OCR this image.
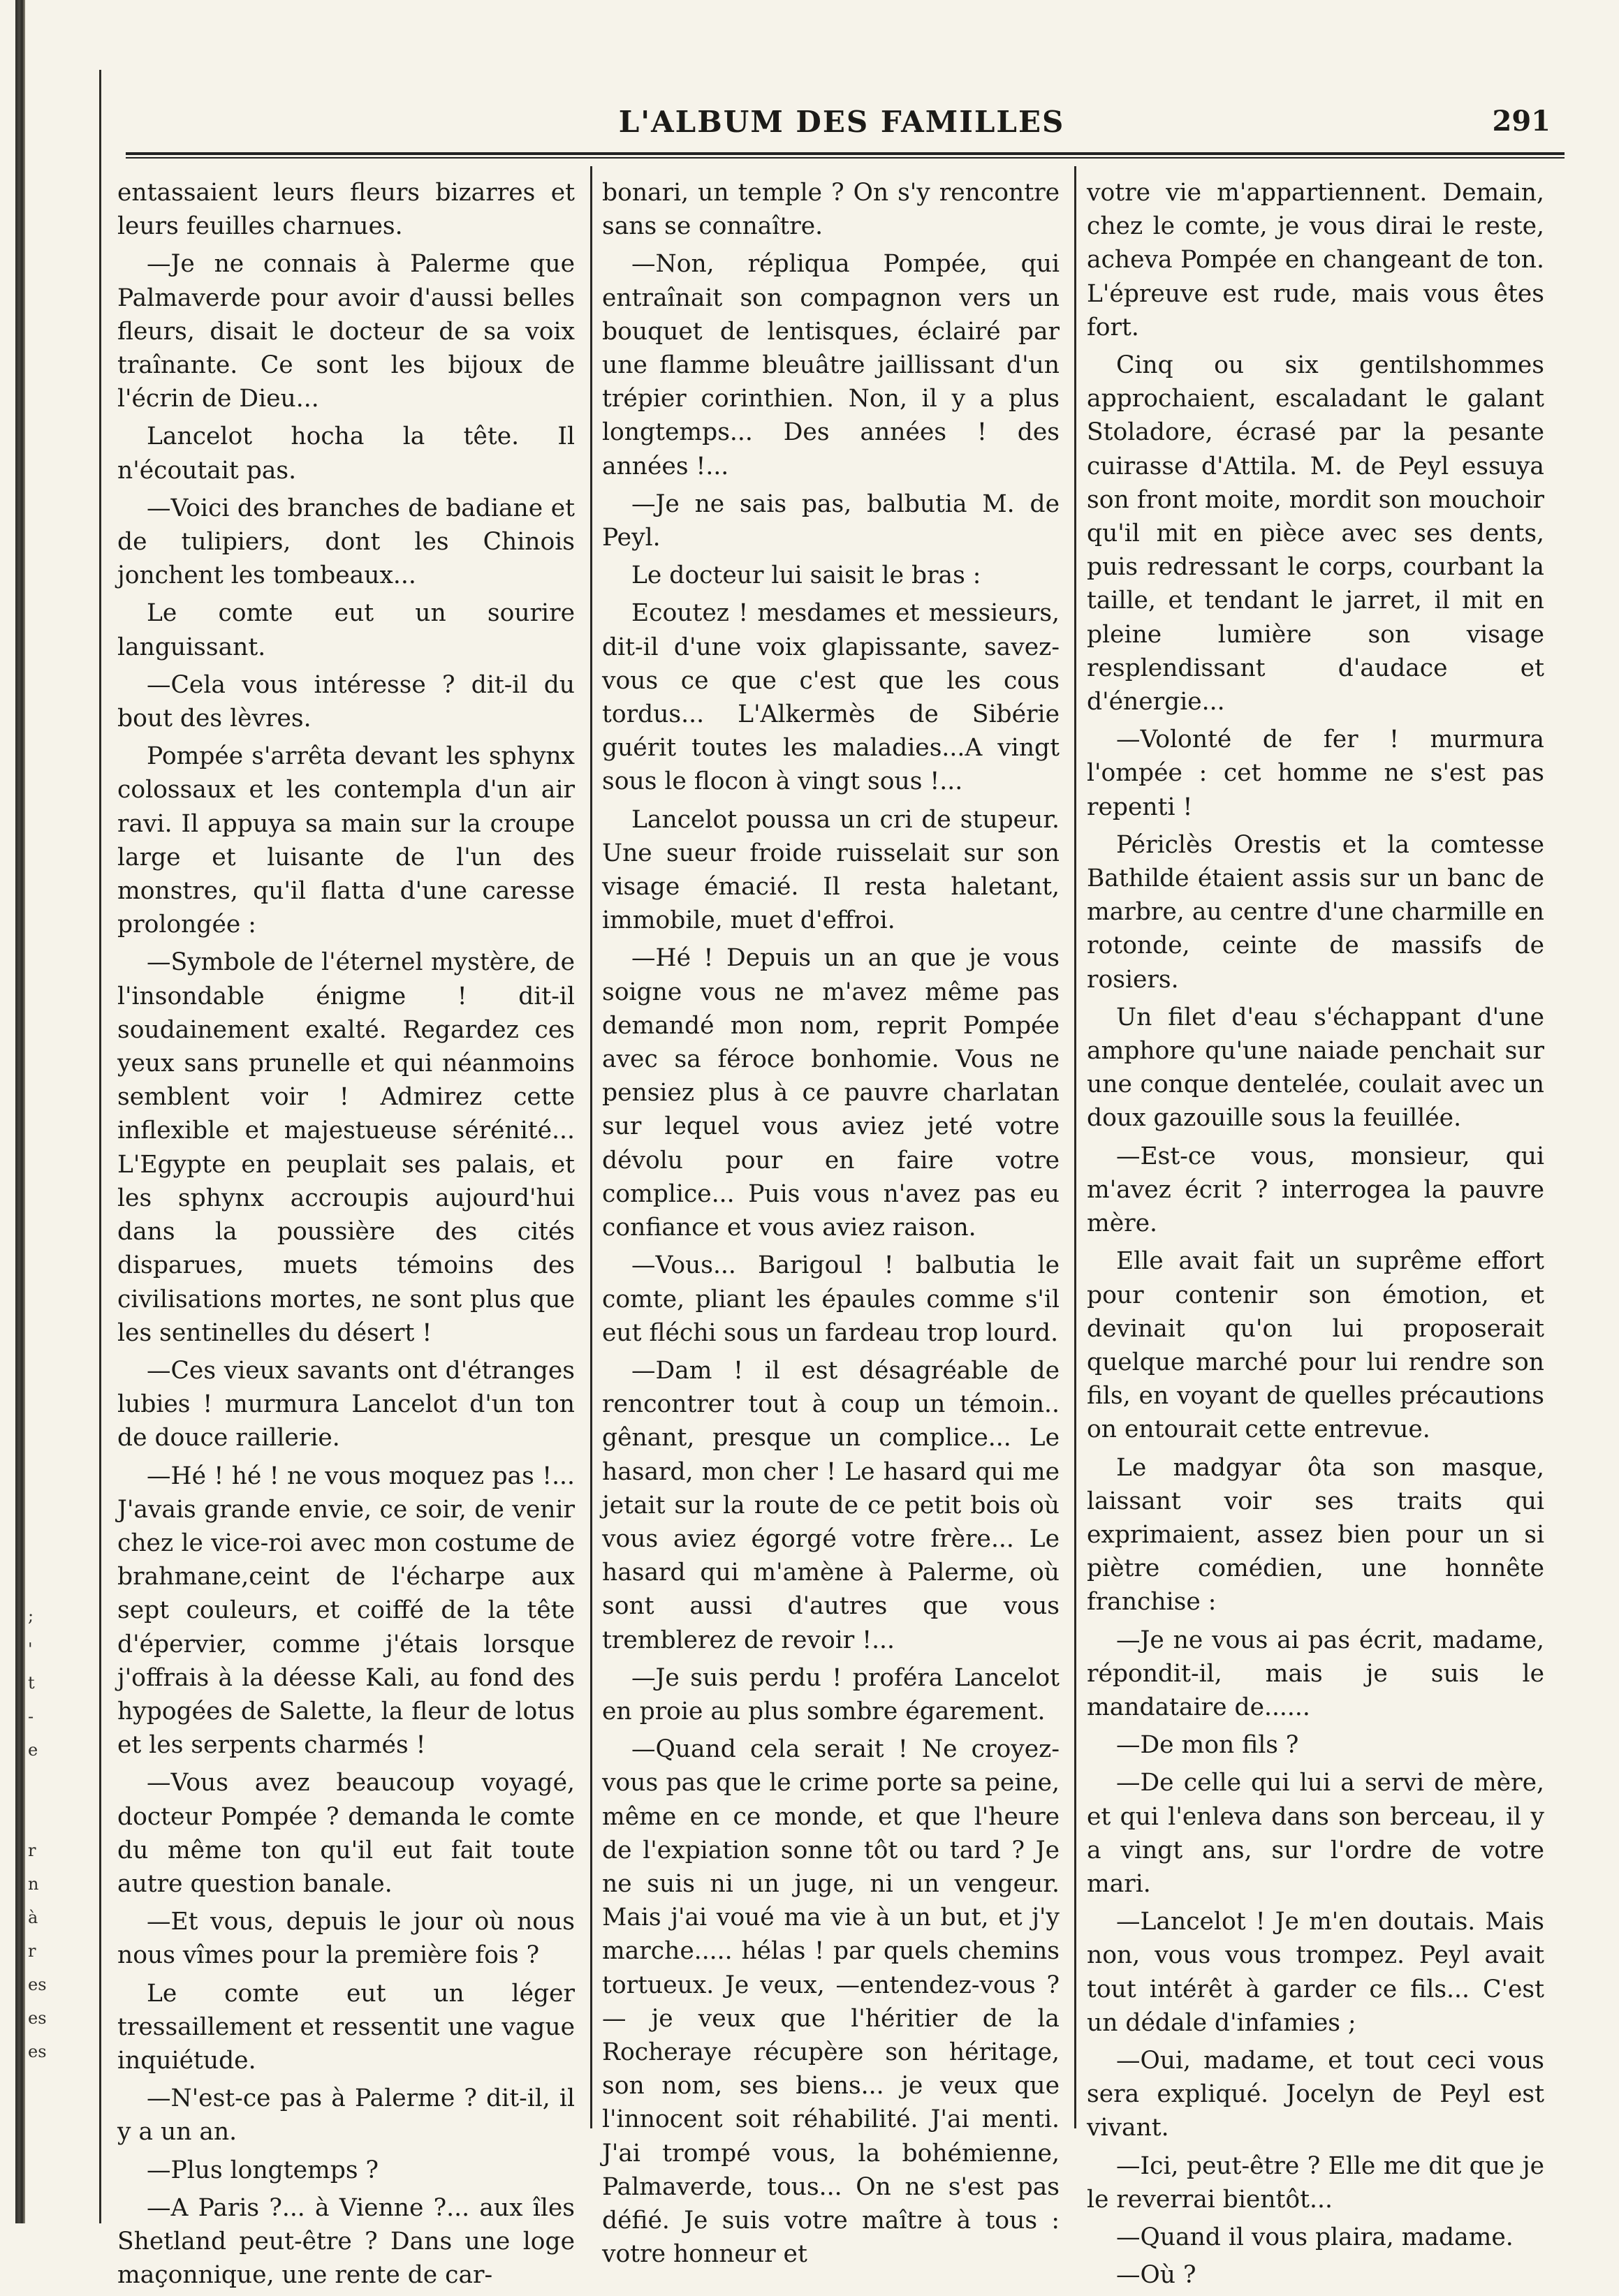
;
'
t
-
e

r
n
à
r
es
es
es
L'ALBUM DES FAMILLES	291

entassaient leurs fleurs bizarres et leurs feuilles charnues.

—Je ne connais à Palerme que Palmaverde pour avoir d'aussi belles fleurs, disait le docteur de sa voix traînante. Ce sont les bijoux de l'écrin de Dieu...

Lancelot hocha la tête. Il n'écoutait pas.

—Voici des branches de badiane et de tulipiers, dont les Chinois jonchent les tombeaux...

Le comte eut un sourire languissant.

—Cela vous intéresse ? dit-il du bout des lèvres.

Pompée s'arrêta devant les sphynx colossaux et les contempla d'un air ravi. Il appuya sa main sur la croupe large et luisante de l'un des monstres, qu'il flatta d'une caresse prolongée :

—Symbole de l'éternel mystère, de l'insondable énigme ! dit-il soudainement exalté. Regardez ces yeux sans prunelle et qui néanmoins semblent voir ! Admirez cette inflexible et majestueuse sérénité... L'Egypte en peuplait ses palais, et les sphynx accroupis aujourd'hui dans la poussière des cités disparues, muets témoins des civilisations mortes, ne sont plus que les sentinelles du désert !

—Ces vieux savants ont d'étranges lubies ! murmura Lancelot d'un ton de douce raillerie.

—Hé ! hé ! ne vous moquez pas !... J'avais grande envie, ce soir, de venir chez le vice-roi avec mon costume de brahmane,ceint de l'écharpe aux sept couleurs, et coiffé de la tête d'épervier, comme j'étais lorsque j'offrais à la déesse Kali, au fond des hypogées de Salette, la fleur de lotus et les serpents charmés !

—Vous avez beaucoup voyagé, docteur Pompée ? demanda le comte du même ton qu'il eut fait toute autre question banale.

—Et vous, depuis le jour où nous nous vîmes pour la première fois ?

Le comte eut un léger tressaillement et ressentit une vague inquiétude.

—N'est-ce pas à Palerme ? dit-il, il y a un an.

—Plus longtemps ?

—A Paris ?... à Vienne ?... aux îles Shetland peut-être ? Dans une loge maçonnique, une rente de car-

bonari, un temple ? On s'y rencontre sans se connaître.

—Non, répliqua Pompée, qui entraînait son compagnon vers un bouquet de lentisques, éclairé par une flamme bleuâtre jaillissant d'un trépier corinthien. Non, il y a plus longtemps... Des années ! des années !...

—Je ne sais pas, balbutia M. de Peyl.

Le docteur lui saisit le bras :

Ecoutez ! mesdames et messieurs, dit-il d'une voix glapissante, savez-vous ce que c'est que les cous tordus... L'Alkermès de Sibérie guérit toutes les maladies...A vingt sous le flocon à vingt sous !...

Lancelot poussa un cri de stupeur. Une sueur froide ruisselait sur son visage émacié. Il resta haletant, immobile, muet d'effroi.

—Hé ! Depuis un an que je vous soigne vous ne m'avez même pas demandé mon nom, reprit Pompée avec sa féroce bonhomie. Vous ne pensiez plus à ce pauvre charlatan sur lequel vous aviez jeté votre dévolu pour en faire votre complice... Puis vous n'avez pas eu confiance et vous aviez raison.

—Vous... Barigoul ! balbutia le comte, pliant les épaules comme s'il eut fléchi sous un fardeau trop lourd.

—Dam ! il est désagréable de rencontrer tout à coup un témoin.. gênant, presque un complice... Le hasard, mon cher ! Le hasard qui me jetait sur la route de ce petit bois où vous aviez égorgé votre frère... Le hasard qui m'amène à Palerme, où sont aussi d'autres que vous tremblerez de revoir !...

—Je suis perdu ! proféra Lancelot en proie au plus sombre égarement.

—Quand cela serait ! Ne croyez-vous pas que le crime porte sa peine, même en ce monde, et que l'heure de l'expiation sonne tôt ou tard ? Je ne suis ni un juge, ni un vengeur. Mais j'ai voué ma vie à un but, et j'y marche..... hélas ! par quels chemins tortueux. Je veux, —entendez-vous ? — je veux que l'héritier de la Rocheraye récupère son héritage, son nom, ses biens... je veux que l'innocent soit réhabilité. J'ai menti. J'ai trompé vous, la bohémienne, Palmaverde, tous... On ne s'est pas défié. Je suis votre maître à tous : votre honneur et

votre vie m'appartiennent. Demain, chez le comte, je vous dirai le reste, acheva Pompée en changeant de ton. L'épreuve est rude, mais vous êtes fort.

Cinq ou six gentilshommes approchaient, escaladant le galant Stoladore, écrasé par la pesante cuirasse d'Attila. M. de Peyl essuya son front moite, mordit son mouchoir qu'il mit en pièce avec ses dents, puis redressant le corps, courbant la taille, et tendant le jarret, il mit en pleine lumière son visage resplendissant d'audace et d'énergie...

—Volonté de fer ! murmura l'ompée : cet homme ne s'est pas repenti !

Périclès Orestis et la comtesse Bathilde étaient assis sur un banc de marbre, au centre d'une charmille en rotonde, ceinte de massifs de rosiers.

Un filet d'eau s'échappant d'une amphore qu'une naiade penchait sur une conque dentelée, coulait avec un doux gazouille sous la feuillée.

—Est-ce vous, monsieur, qui m'avez écrit ? interrogea la pauvre mère.

Elle avait fait un suprême effort pour contenir son émotion, et devinait qu'on lui proposerait quelque marché pour lui rendre son fils, en voyant de quelles précautions on entourait cette entrevue.

Le madgyar ôta son masque, laissant voir ses traits qui exprimaient, assez bien pour un si piètre comédien, une honnête franchise :

—Je ne vous ai pas écrit, madame, répondit-il, mais je suis le mandataire de......

—De mon fils ?

—De celle qui lui a servi de mère, et qui l'enleva dans son berceau, il y a vingt ans, sur l'ordre de votre mari.

—Lancelot ! Je m'en doutais. Mais non, vous vous trompez. Peyl avait tout intérêt à garder ce fils... C'est un dédale d'infamies ;

—Oui, madame, et tout ceci vous sera expliqué. Jocelyn de Peyl est vivant.

—Ici, peut-être ? Elle me dit que je le reverrai bientôt...

—Quand il vous plaira, madame.

—Où ?
